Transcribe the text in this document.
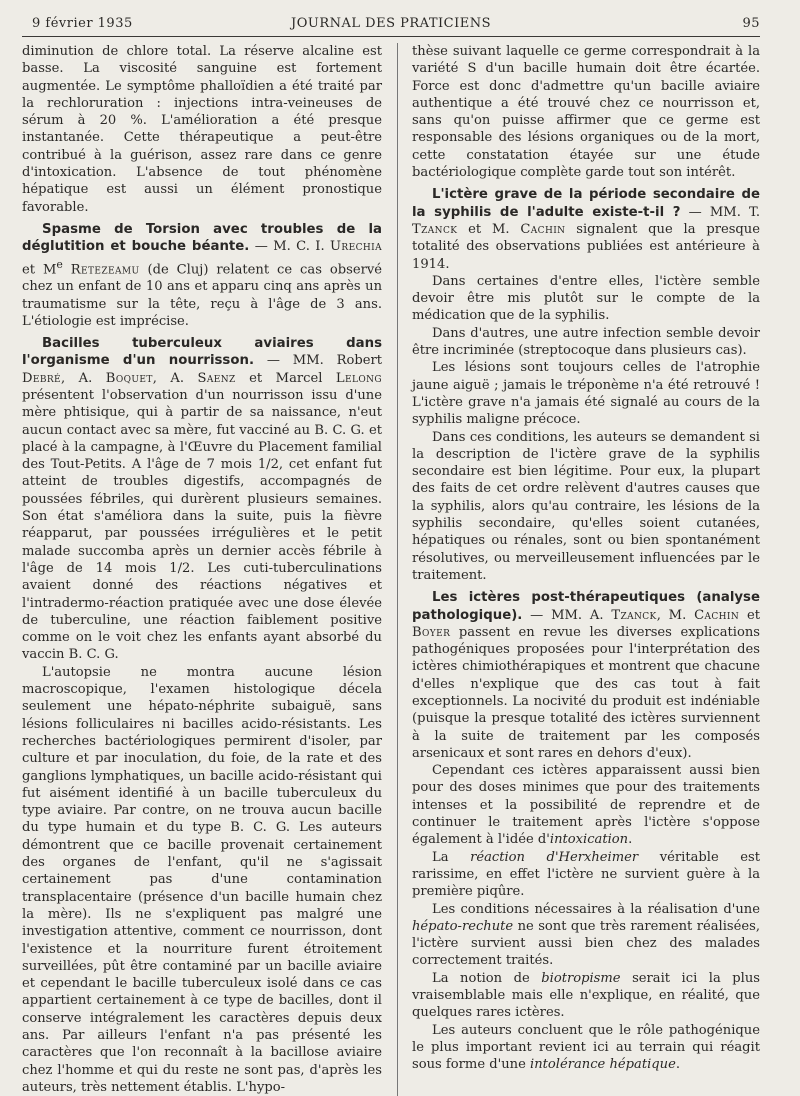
9 février 1935	JOURNAL DES PRATICIENS	95

diminution de chlore total. La réserve alcaline est basse. La viscosité sanguine est fortement augmentée. Le symptôme phalloïdien a été traité par la rechloruration : injections intra-veineuses de sérum à 20 %. L'amélioration a été presque instantanée. Cette thérapeutique a peut-être contribué à la guérison, assez rare dans ce genre d'intoxication. L'absence de tout phénomène hépatique est aussi un élément pronostique favorable.

Spasme de Torsion avec troubles de la déglutition et bouche béante. — M. C. I. Urechia et Me Retezeamu (de Cluj) relatent ce cas observé chez un enfant de 10 ans et apparu cinq ans après un traumatisme sur la tête, reçu à l'âge de 3 ans. L'étiologie est imprécise.

Bacilles tuberculeux aviaires dans l'organisme d'un nourrisson. — MM. Robert Debré, A. Boquet, A. Saenz et Marcel Lelong présentent l'observation d'un nourrisson issu d'une mère phtisique, qui à partir de sa naissance, n'eut aucun contact avec sa mère, fut vacciné au B. C. G. et placé à la campagne, à l'Œuvre du Placement familial des Tout-Petits. A l'âge de 7 mois 1/2, cet enfant fut atteint de troubles digestifs, accompagnés de poussées fébriles, qui durèrent plusieurs semaines. Son état s'améliora dans la suite, puis la fièvre réapparut, par poussées irrégulières et le petit malade succomba après un dernier accès fébrile à l'âge de 14 mois 1/2. Les cuti-tuberculinations avaient donné des réactions négatives et l'intradermo-réaction pratiquée avec une dose élevée de tuberculine, une réaction faiblement positive comme on le voit chez les enfants ayant absorbé du vaccin B. C. G.

L'autopsie ne montra aucune lésion macroscopique, l'examen histologique décela seulement une hépato-néphrite subaiguë, sans lésions folliculaires ni bacilles acido-résistants. Les recherches bactériologiques permirent d'isoler, par culture et par inoculation, du foie, de la rate et des ganglions lymphatiques, un bacille acido-résistant qui fut aisément identifié à un bacille tuberculeux du type aviaire. Par contre, on ne trouva aucun bacille du type humain et du type B. C. G. Les auteurs démontrent que ce bacille provenait certainement des organes de l'enfant, qu'il ne s'agissait certainement pas d'une contamination transplacentaire (présence d'un bacille humain chez la mère). Ils ne s'expliquent pas malgré une investigation attentive, comment ce nourrisson, dont l'existence et la nourriture furent étroitement surveillées, pût être contaminé par un bacille aviaire et cependant le bacille tuberculeux isolé dans ce cas appartient certainement à ce type de bacilles, dont il conserve intégralement les caractères depuis deux ans. Par ailleurs l'enfant n'a pas présenté les caractères que l'on reconnaît à la bacillose aviaire chez l'homme et qui du reste ne sont pas, d'après les auteurs, très nettement établis. L'hypo-

thèse suivant laquelle ce germe correspondrait à la variété S d'un bacille humain doit être écartée. Force est donc d'admettre qu'un bacille aviaire authentique a été trouvé chez ce nourrisson et, sans qu'on puisse affirmer que ce germe est responsable des lésions organiques ou de la mort, cette constatation étayée sur une étude bactériologique complète garde tout son intérêt.

L'ictère grave de la période secondaire de la syphilis de l'adulte existe-t-il ? — MM. T. Tzanck et M. Cachin signalent que la presque totalité des observations publiées est antérieure à 1914.

Dans certaines d'entre elles, l'ictère semble devoir être mis plutôt sur le compte de la médication que de la syphilis.

Dans d'autres, une autre infection semble devoir être incriminée (streptocoque dans plusieurs cas).

Les lésions sont toujours celles de l'atrophie jaune aiguë ; jamais le tréponème n'a été retrouvé ! L'ictère grave n'a jamais été signalé au cours de la syphilis maligne précoce.

Dans ces conditions, les auteurs se demandent si la description de l'ictère grave de la syphilis secondaire est bien légitime. Pour eux, la plupart des faits de cet ordre relèvent d'autres causes que la syphilis, alors qu'au contraire, les lésions de la syphilis secondaire, qu'elles soient cutanées, hépatiques ou rénales, sont ou bien spontanément résolutives, ou merveilleusement influencées par le traitement.

Les ictères post-thérapeutiques (analyse pathologique). — MM. A. Tzanck, M. Cachin et Boyer passent en revue les diverses explications pathogéniques proposées pour l'interprétation des ictères chimiothérapiques et montrent que chacune d'elles n'explique que des cas tout à fait exceptionnels. La nocivité du produit est indéniable (puisque la presque totalité des ictères surviennent à la suite de traitement par les composés arsenicaux et sont rares en dehors d'eux).

Cependant ces ictères apparaissent aussi bien pour des doses minimes que pour des traitements intenses et la possibilité de reprendre et de continuer le traitement après l'ictère s'oppose également à l'idée d'intoxication.

La réaction d'Herxheimer véritable est rarissime, en effet l'ictère ne survient guère à la première piqûre.

Les conditions nécessaires à la réalisation d'une hépato-rechute ne sont que très rarement réalisées, l'ictère survient aussi bien chez des malades correctement traités.

La notion de biotropisme serait ici la plus vraisemblable mais elle n'explique, en réalité, que quelques rares ictères.

Les auteurs concluent que le rôle pathogénique le plus important revient ici au terrain qui réagit sous forme d'une intolérance hépatique.
